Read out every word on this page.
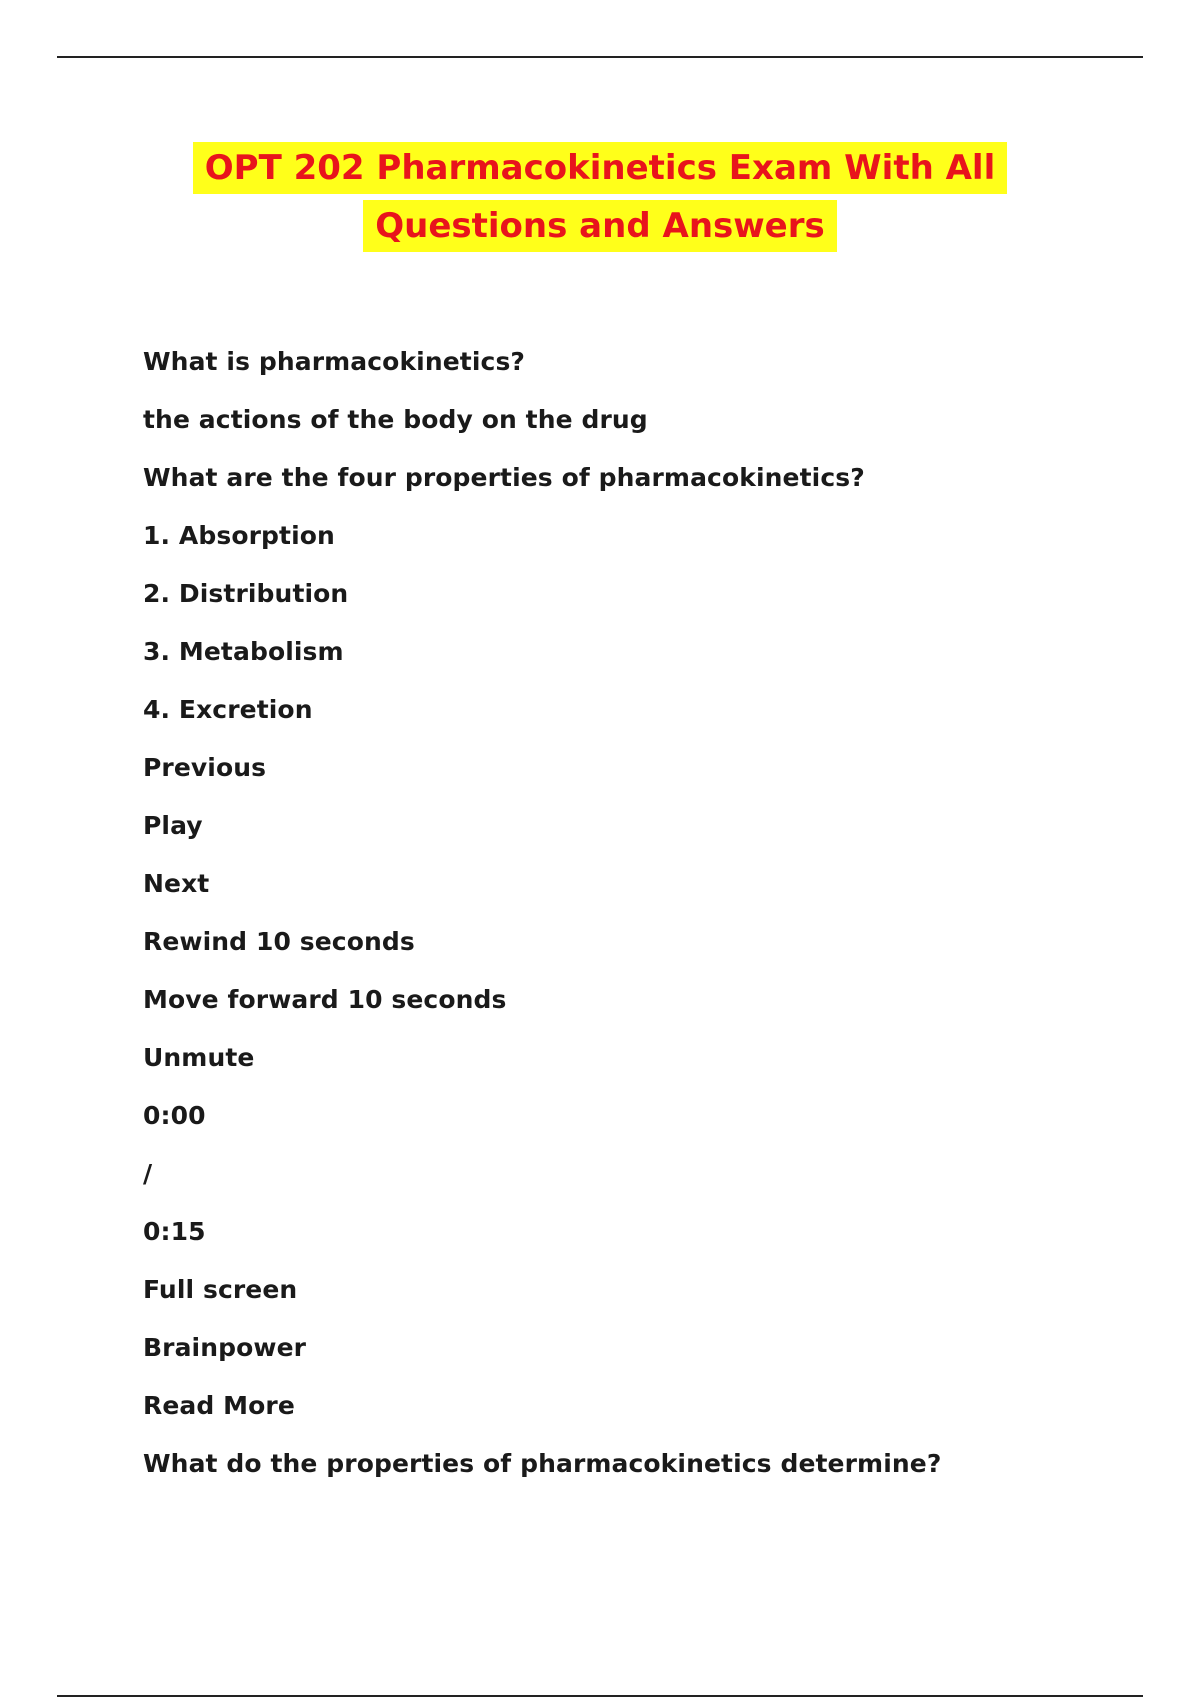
OPT 202 Pharmacokinetics Exam With All
Questions and Answers
What is pharmacokinetics?
the actions of the body on the drug
What are the four properties of pharmacokinetics?
1. Absorption
2. Distribution
3. Metabolism
4. Excretion
Previous
Play
Next
Rewind 10 seconds
Move forward 10 seconds
Unmute
0:00
/
0:15
Full screen
Brainpower
Read More
What do the properties of pharmacokinetics determine?
